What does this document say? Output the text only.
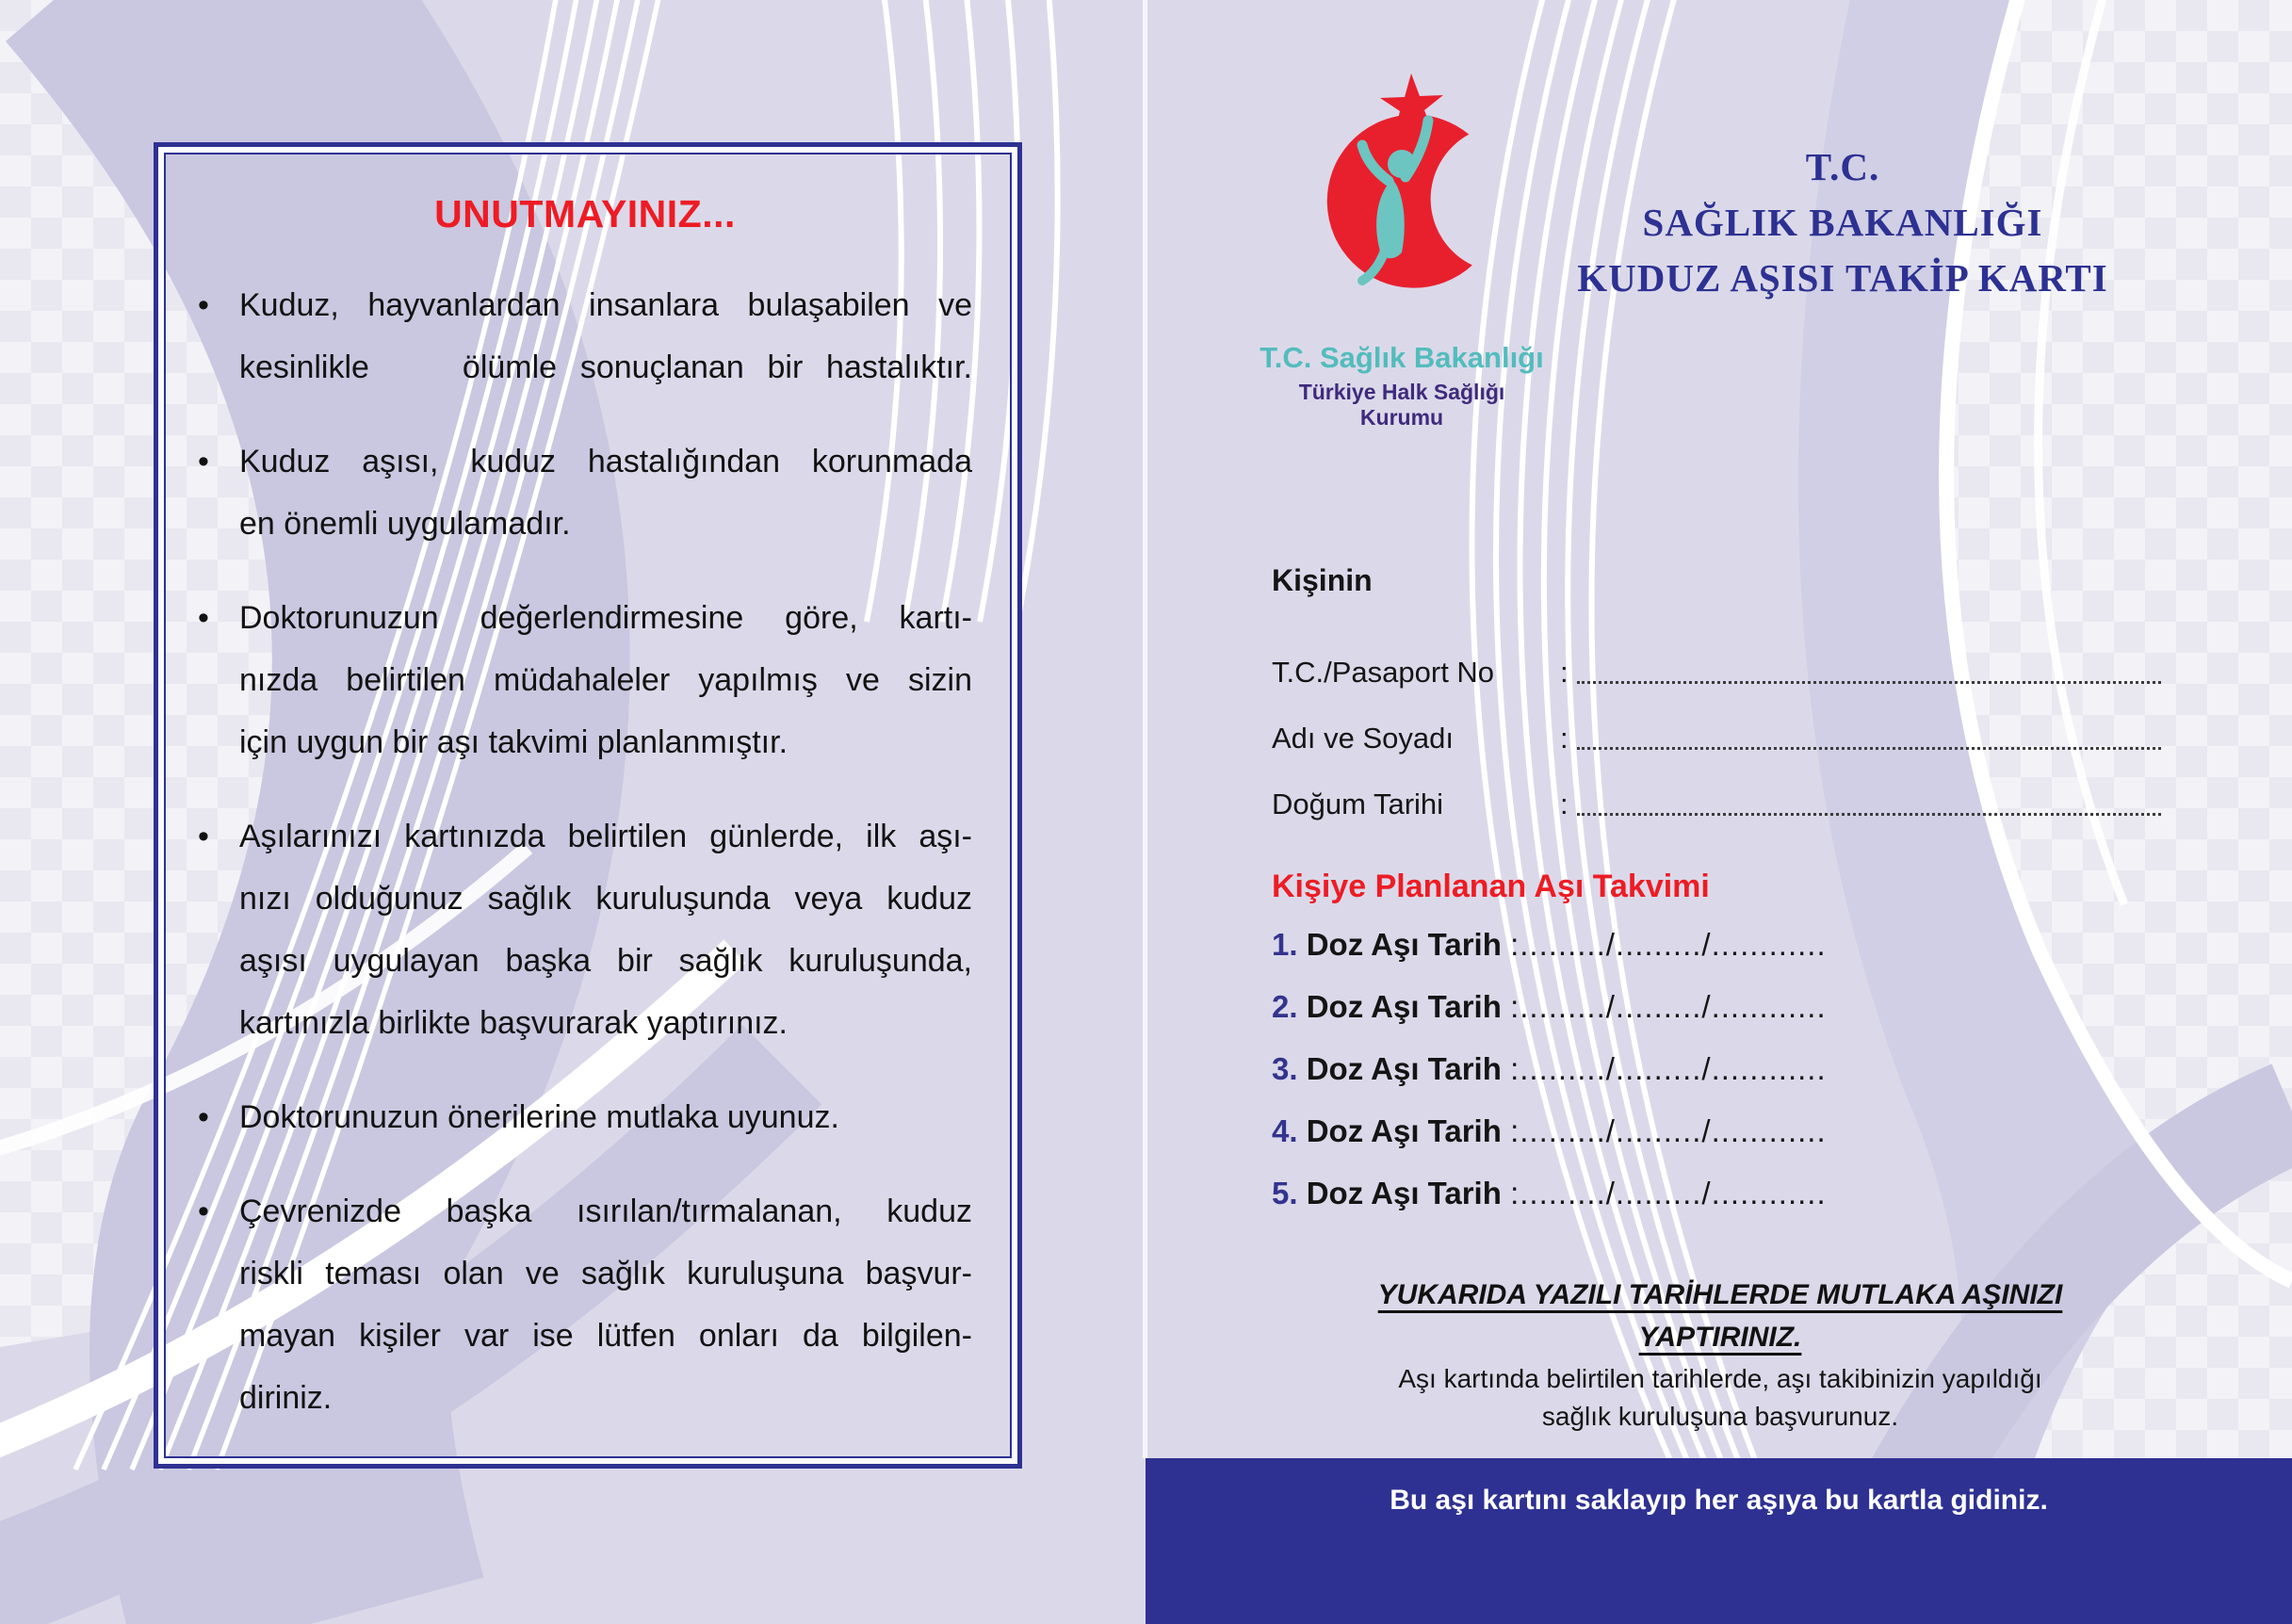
UNUTMAYINIZ...
• Kuduz, hayvanlardan insanlara bulaşabilen ve
kesinlikle    ölümle sonuçlanan bir hastalıktır.
• Kuduz aşısı, kuduz hastalığından korunmada
en önemli uygulamadır.
• Doktorunuzun değerlendirmesine göre, kartı-
nızda belirtilen müdahaleler yapılmış ve sizin
için uygun bir aşı takvimi planlanmıştır.
• Aşılarınızı kartınızda belirtilen günlerde, ilk aşı-
nızı olduğunuz sağlık kuruluşunda veya kuduz
aşısı uygulayan başka bir sağlık kuruluşunda,
kartınızla birlikte başvurarak yaptırınız.
• Doktorunuzun önerilerine mutlaka uyunuz.
• Çevrenizde başka ısırılan/tırmalanan, kuduz
riskli teması olan ve sağlık kuruluşuna başvur-
mayan kişiler var ise lütfen onları da bilgilen-
diriniz.
T.C. Sağlık Bakanlığı
Türkiye Halk Sağlığı
Kurumu
T.C.
SAĞLIK BAKANLIĞI
KUDUZ AŞISI TAKİP KARTI
Kişinin
T.C./Pasaport No	:
Adı ve Soyadı	:
Doğum Tarihi	:
Kişiye Planlanan Aşı Takvimi
1. Doz Aşı Tarih :........./........./............
2. Doz Aşı Tarih :........./........./............
3. Doz Aşı Tarih :........./........./............
4. Doz Aşı Tarih :........./........./............
5. Doz Aşı Tarih :........./........./............
YUKARIDA YAZILI TARİHLERDE MUTLAKA AŞINIZI
YAPTIRINIZ.
Aşı kartında belirtilen tarihlerde, aşı takibinizin yapıldığı
sağlık kuruluşuna başvurunuz.
Bu aşı kartını saklayıp her aşıya bu kartla gidiniz.
